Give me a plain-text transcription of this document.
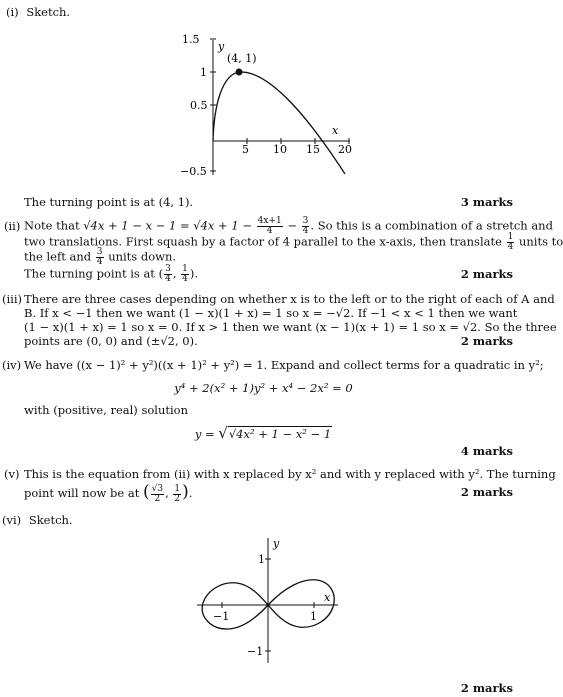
(i) Sketch.
1.5
1
0.5
−0.5
5 10 15 20
y
x
(4, 1)
The turning point is at (4, 1).	3 marks
(ii) Note that $√4x + 1 - x - 1 = √4x + 1 - \frac{4x+1}{4} - \frac{3}{4}$ . So this is a combination of a stretch and
two translations. First squash by a factor of 4 parallel to the x-axis, then translate $\frac{1}{4}$ units to
the left and $\frac{3}{4}$ units down.
The turning point is at ( $\frac{3}{4}$ , $\frac{1}{4}$ ).	2 marks
(iii) There are three cases depending on whether x is to the left or to the right of each of A and
B. If x < −1 then we want (1 − x)(1 + x) = 1 so x = −√2. If −1 < x < 1 then we want
(1 − x)(1 + x) = 1 so x = 0. If x > 1 then we want (x − 1)(x + 1) = 1 so x = √2. So the three
points are (0, 0) and (±√2, 0).	2 marks
(iv) We have ((x − 1)² + y²)((x + 1)² + y²) = 1. Expand and collect terms for a quadratic in y²;
y⁴ + 2(x² + 1)y² + x⁴ − 2x² = 0
with (positive, real) solution
y = √√4x² + 1 − x² − 1
4 marks
(v) This is the equation from (ii) with x replaced by x² and with y replaced with y². The turning
point will now be at ( $\frac{√3}{2}$ , $\frac{1}{2}$ ).	2 marks
(vi) Sketch.
y
x
1
−1
−1	1
2 marks
